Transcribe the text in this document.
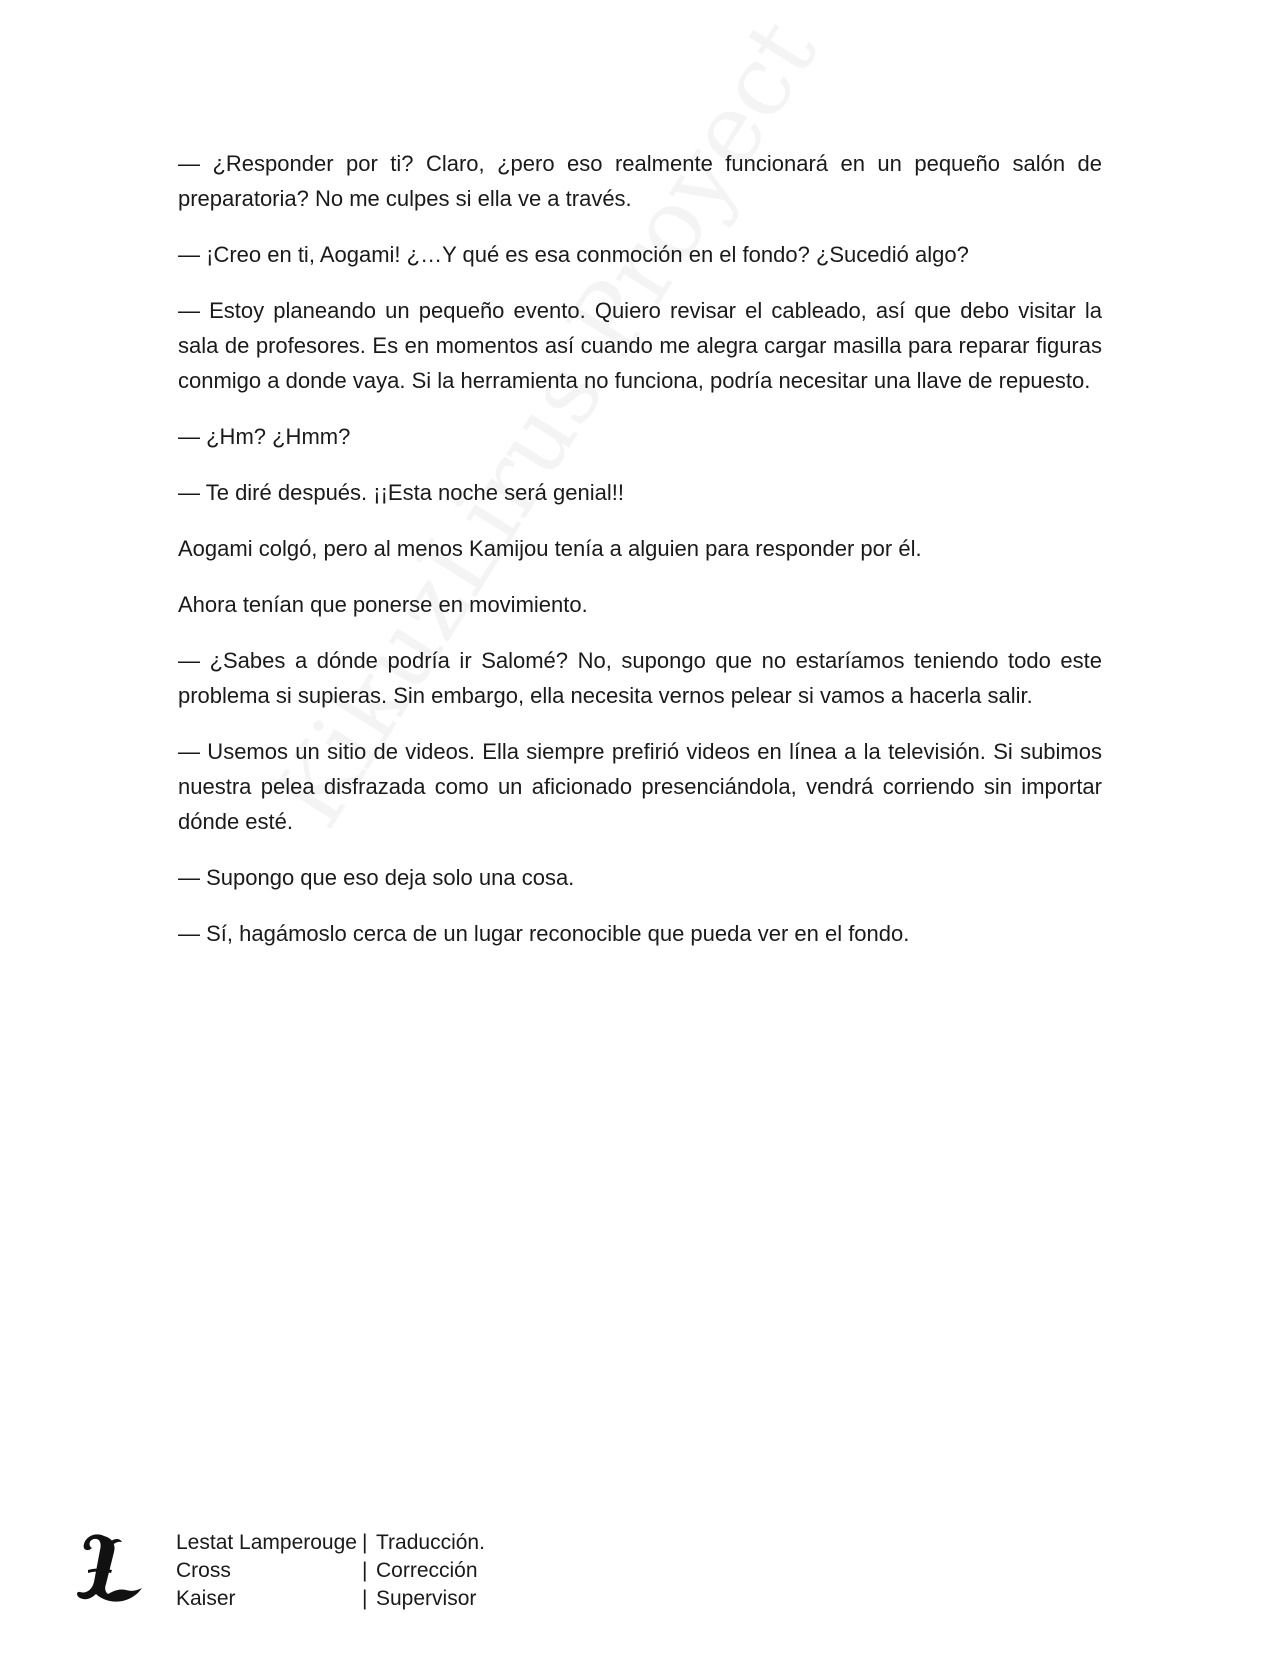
— ¿Responder por ti? Claro, ¿pero eso realmente funcionará en un pequeño salón de preparatoria? No me culpes si ella ve a través.

— ¡Creo en ti, Aogami! ¿…Y qué es esa conmoción en el fondo? ¿Sucedió algo?

— Estoy planeando un pequeño evento. Quiero revisar el cableado, así que debo visitar la sala de profesores. Es en momentos así cuando me alegra cargar masilla para reparar figuras conmigo a donde vaya. Si la herramienta no funciona, podría necesitar una llave de repuesto.

— ¿Hm? ¿Hmm?

— Te diré después. ¡¡Esta noche será genial!!

Aogami colgó, pero al menos Kamijou tenía a alguien para responder por él.

Ahora tenían que ponerse en movimiento.

— ¿Sabes a dónde podría ir Salomé? No, supongo que no estaríamos teniendo todo este problema si supieras. Sin embargo, ella necesita vernos pelear si vamos a hacerla salir.

— Usemos un sitio de videos. Ella siempre prefirió videos en línea a la televisión. Si subimos nuestra pelea disfrazada como un aficionado presenciándola, vendrá corriendo sin importar dónde esté.

— Supongo que eso deja solo una cosa.

— Sí, hagámoslo cerca de un lugar reconocible que pueda ver en el fondo.

Lestat Lamperouge | Traducción.
Cross	| Corrección
Kaiser	| Supervisor
